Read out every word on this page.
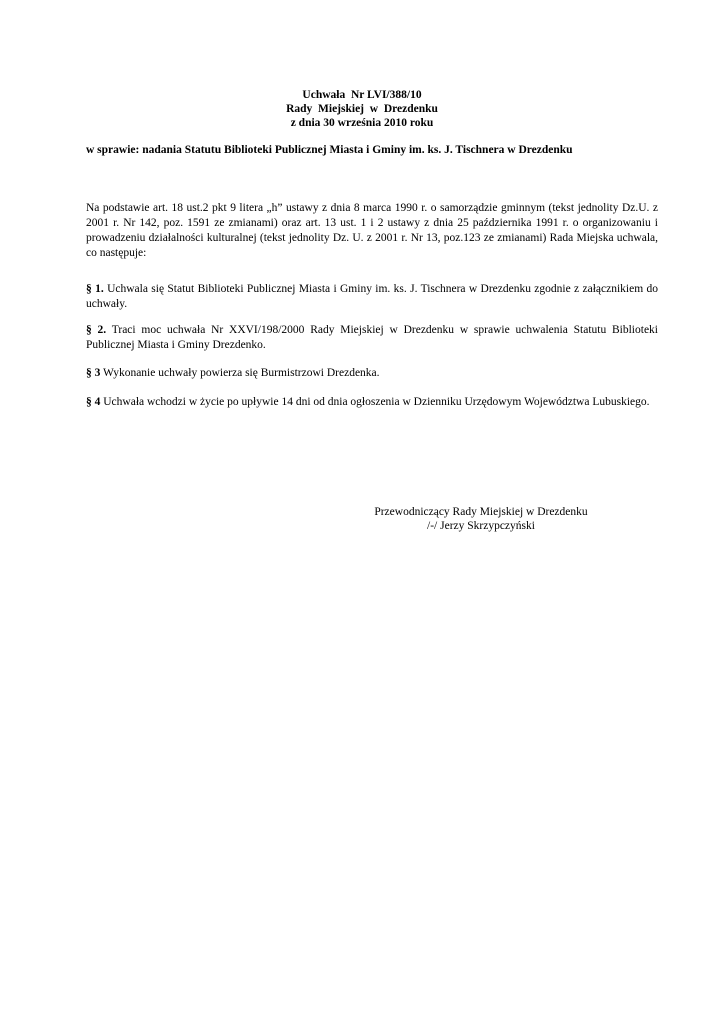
Uchwała  Nr LVI/388/10
Rady  Miejskiej  w  Drezdenku
z dnia 30 września 2010 roku
w sprawie: nadania Statutu Biblioteki Publicznej Miasta i Gminy im. ks. J. Tischnera w Drezdenku
Na podstawie art. 18 ust.2 pkt 9 litera „h” ustawy z dnia 8 marca 1990 r. o samorządzie gminnym (tekst jednolity Dz.U. z 2001 r. Nr 142, poz. 1591 ze zmianami) oraz art. 13 ust. 1 i 2 ustawy z dnia 25 października 1991 r. o organizowaniu i prowadzeniu działalności kulturalnej (tekst jednolity Dz. U. z 2001 r. Nr 13, poz.123 ze zmianami) Rada Miejska uchwala, co następuje:
§ 1. Uchwala się Statut Biblioteki Publicznej Miasta i Gminy im. ks. J. Tischnera w Drezdenku zgodnie z załącznikiem do uchwały.
§ 2. Traci moc uchwała Nr XXVI/198/2000 Rady Miejskiej w Drezdenku w sprawie uchwalenia Statutu Biblioteki Publicznej Miasta i Gminy Drezdenko.
§ 3 Wykonanie uchwały powierza się Burmistrzowi Drezdenka.
§ 4 Uchwała wchodzi w życie po upływie 14 dni od dnia ogłoszenia w Dzienniku Urzędowym Województwa Lubuskiego.
Przewodniczący Rady Miejskiej w Drezdenku
/-/ Jerzy Skrzypczyński
